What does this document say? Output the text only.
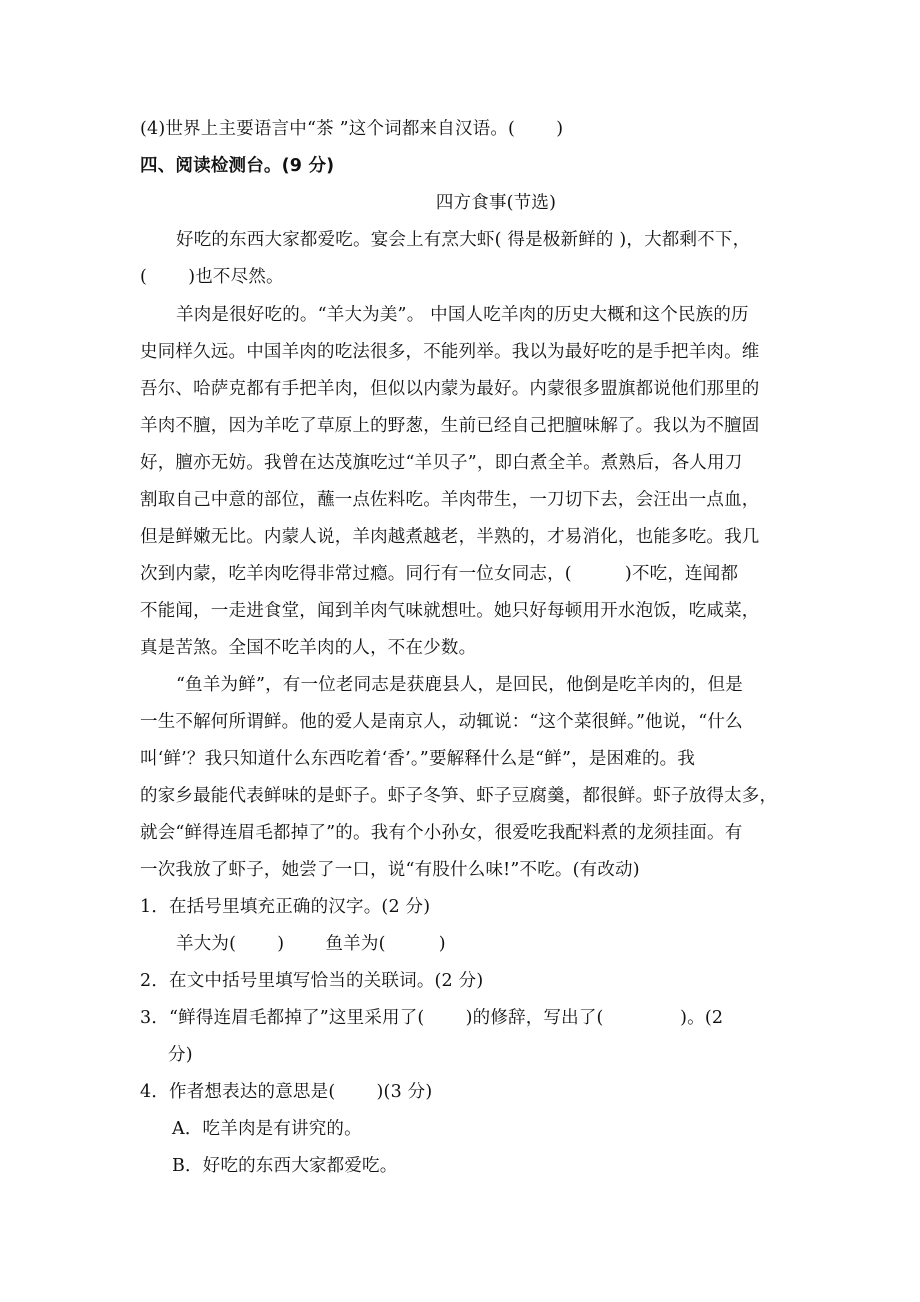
(4)世界上主要语言中“茶 ”这个词都来自汉语。(　　 )
四、阅读检测台。(9 分)
四方食事(节选)
好吃的东西大家都爱吃。宴会上有烹大虾( 得是极新鲜的 )，大都剩不下，
(　　 )也不尽然。
羊肉是很好吃的。“羊大为美”。 中国人吃羊肉的历史大概和这个民族的历
史同样久远。中国羊肉的吃法很多，不能列举。我以为最好吃的是手把羊肉。维
吾尔、哈萨克都有手把羊肉，但似以内蒙为最好。内蒙很多盟旗都说他们那里的
羊肉不膻，因为羊吃了草原上的野葱，生前已经自己把膻味解了。我以为不膻固
好，膻亦无妨。我曾在达茂旗吃过“羊贝子”，即白煮全羊。煮熟后，各人用刀
割取自己中意的部位，蘸一点佐料吃。羊肉带生，一刀切下去，会汪出一点血，
但是鲜嫩无比。内蒙人说，羊肉越煮越老，半熟的，才易消化，也能多吃。我几
次到内蒙，吃羊肉吃得非常过瘾。同行有一位女同志，(　　　)不吃，连闻都
不能闻，一走进食堂，闻到羊肉气味就想吐。她只好每顿用开水泡饭，吃咸菜，
真是苦煞。全国不吃羊肉的人，不在少数。
“鱼羊为鲜”，有一位老同志是获鹿县人，是回民，他倒是吃羊肉的，但是
一生不解何所谓鲜。他的爱人是南京人，动辄说：“这个菜很鲜。”他说，“什么
叫‘鲜’？我只知道什么东西吃着‘香’。”要解释什么是“鲜”，是困难的。我
的家乡最能代表鲜味的是虾子。虾子冬笋、虾子豆腐羹，都很鲜。虾子放得太多，
就会“鲜得连眉毛都掉了”的。我有个小孙女，很爱吃我配料煮的龙须挂面。有
一次我放了虾子，她尝了一口，说“有股什么味!”不吃。(有改动)
1．在括号里填充正确的汉字。(2 分)
羊大为(　　 )　　 鱼羊为(　　　)
2．在文中括号里填写恰当的关联词。(2 分)
3．“鲜得连眉毛都掉了”这里采用了(　　 )的修辞，写出了(　　　　 )。(2
分)
4．作者想表达的意思是(　　 )(3 分)
A．吃羊肉是有讲究的。
B．好吃的东西大家都爱吃。
